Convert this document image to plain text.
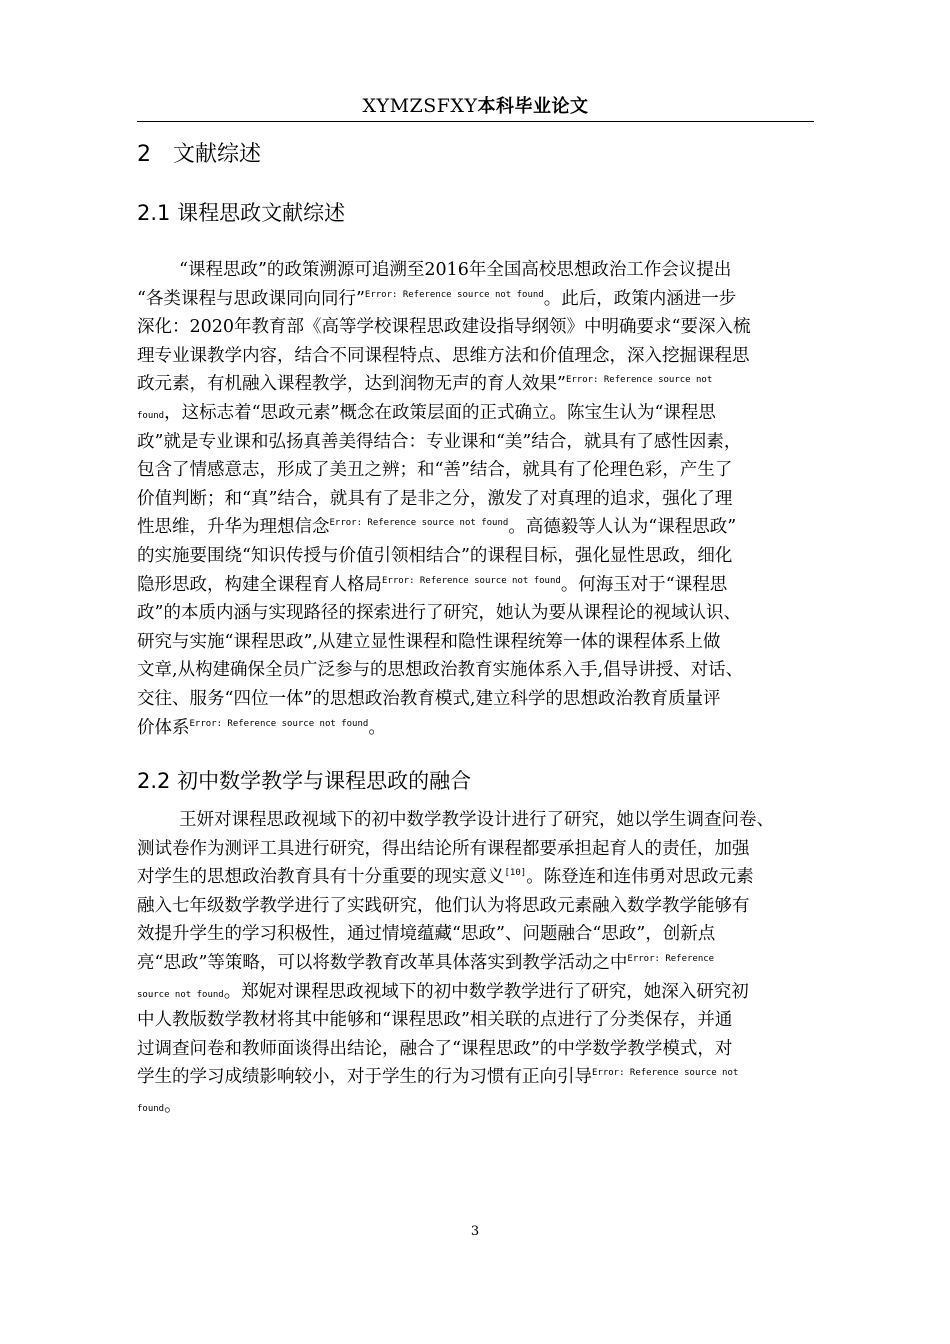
XYMZSFXY本科毕业论文
2 文献综述
2.1 课程思政文献综述
“课程思政”的政策溯源可追溯至2016年全国高校思想政治工作会议提出
“各类课程与思政课同向同行”$^{Error: Reference source not found}$。此后，政策内涵进一步
深化：2020年教育部《高等学校课程思政建设指导纲领》中明确要求“要深入梳
理专业课教学内容，结合不同课程特点、思维方法和价值理念，深入挖掘课程思
政元素，有机融入课程教学，达到润物无声的育人效果”$^{Error: Reference source not}$
found，这标志着“思政元素”概念在政策层面的正式确立。陈宝生认为“课程思
政”就是专业课和弘扬真善美得结合：专业课和“美”结合，就具有了感性因素，
包含了情感意志，形成了美丑之辨；和“善”结合，就具有了伦理色彩，产生了
价值判断；和“真”结合，就具有了是非之分，激发了对真理的追求，强化了理
性思维，升华为理想信念$^{Error: Reference source not found}$。高德毅等人认为“课程思政”
的实施要围绕“知识传授与价值引领相结合”的课程目标，强化显性思政，细化
隐形思政，构建全课程育人格局$^{Error: Reference source not found}$。何海玉对于“课程思
政”的本质内涵与实现路径的探索进行了研究，她认为要从课程论的视域认识、
研究与实施“课程思政”,从建立显性课程和隐性课程统筹一体的课程体系上做
文章,从构建确保全员广泛参与的思想政治教育实施体系入手,倡导讲授、对话、
交往、服务“四位一体”的思想政治教育模式,建立科学的思想政治教育质量评
价体系$^{Error: Reference source not found}$。
2.2 初中数学教学与课程思政的融合
王妍对课程思政视域下的初中数学教学设计进行了研究，她以学生调查问卷、
测试卷作为测评工具进行研究，得出结论所有课程都要承担起育人的责任，加强
对学生的思想政治教育具有十分重要的现实意义[10]。陈登连和连伟勇对思政元素
融入七年级数学教学进行了实践研究，他们认为将思政元素融入数学教学能够有
效提升学生的学习积极性，通过情境蕴藏“思政”、问题融合“思政”，创新点
亮“思政”等策略，可以将数学教育改革具体落实到教学活动之中$^{Error: Reference}$
source not found。郑妮对课程思政视域下的初中数学教学进行了研究，她深入研究初
中人教版数学教材将其中能够和“课程思政”相关联的点进行了分类保存，并通
过调查问卷和教师面谈得出结论，融合了“课程思政”的中学数学教学模式，对
学生的学习成绩影响较小，对于学生的行为习惯有正向引导$^{Error: Reference source not}$
found。
3
